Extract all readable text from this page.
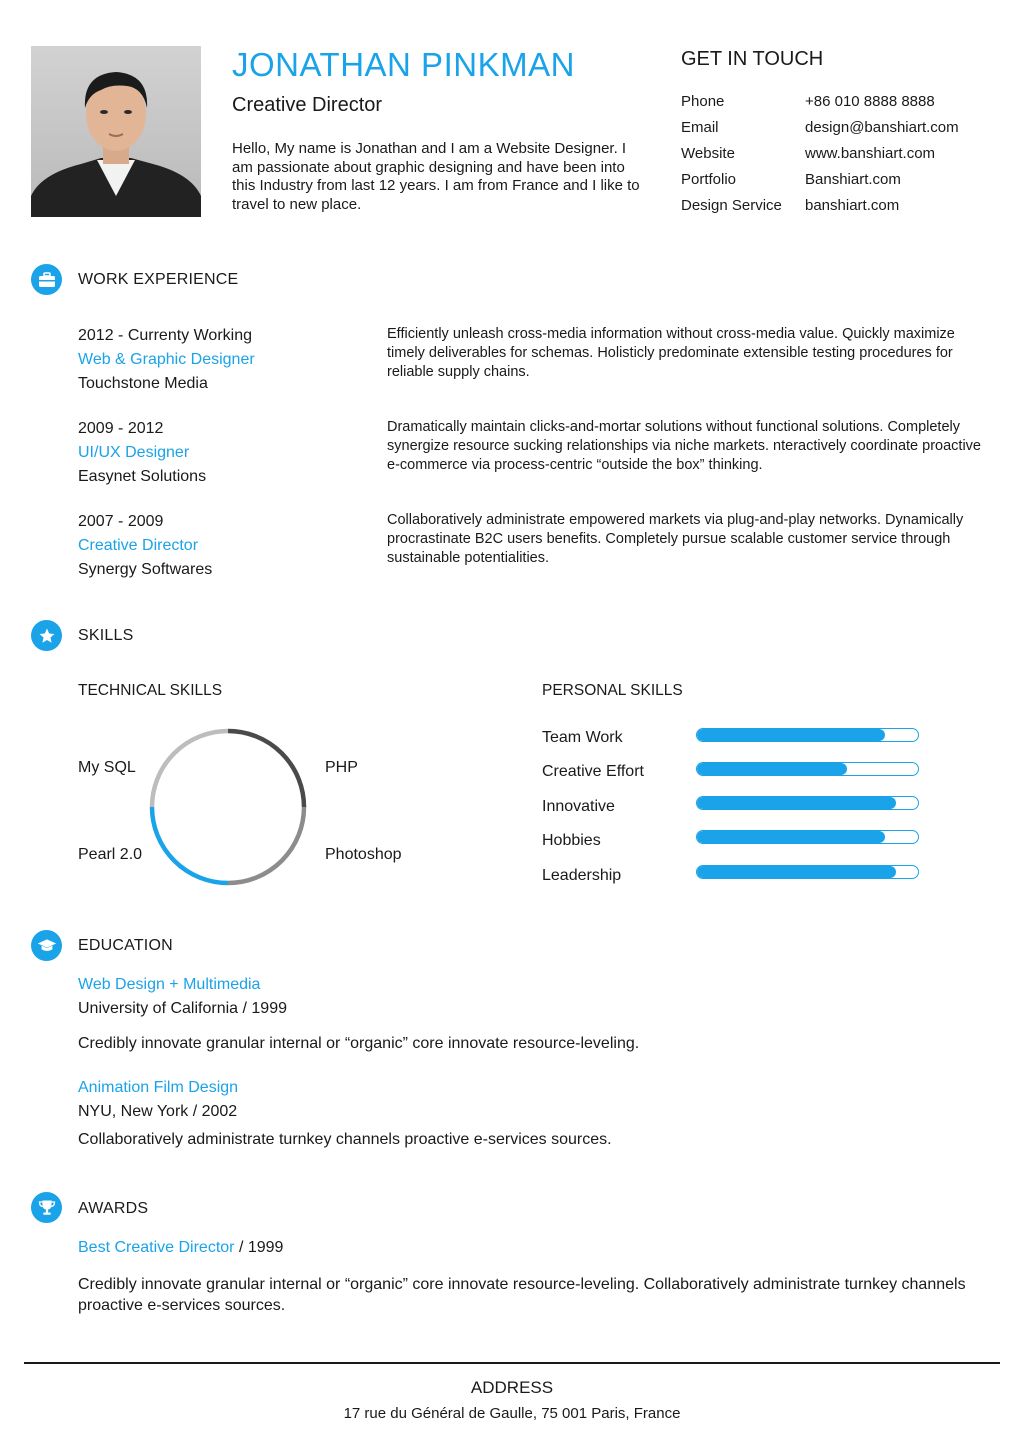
JONATHAN PINKMAN
Creative Director
Hello, My name is Jonathan and I am a Website Designer. I am passionate about graphic designing and have been into this Industry from last 12 years. I am from France and I like to travel to new place.
GET IN TOUCH
Phone	+86 010 8888 8888
Email	design@banshiart.com
Website	www.banshiart.com
Portfolio	Banshiart.com
Design Service	banshiart.com
WORK EXPERIENCE
2012 - Currenty Working
Web & Graphic Designer
Touchstone Media
Efficiently unleash cross-media information without cross-media value. Quickly maximize timely deliverables for schemas. Holisticly predominate extensible testing procedures for reliable supply chains.
2009 - 2012
UI/UX Designer
Easynet Solutions
Dramatically maintain clicks-and-mortar solutions without functional solutions. Completely synergize resource sucking relationships via niche markets. nteractively coordinate proactive e-commerce via process-centric “outside the box” thinking.
2007 - 2009
Creative Director
Synergy Softwares
Collaboratively administrate empowered markets via plug-and-play networks. Dynamically procrastinate B2C users benefits. Completely pursue scalable customer service through sustainable potentialities.
SKILLS
TECHNICAL SKILLS	PERSONAL SKILLS
My SQL	PHP
Photoshop
Pearl 2.0
Team Work
Creative Effort
Innovative
Hobbies
Leadership
EDUCATION
Web Design + Multimedia
University of California / 1999
Credibly innovate granular internal or “organic” core innovate resource-leveling.
Animation Film Design
NYU, New York / 2002
Collaboratively administrate turnkey channels proactive e-services sources.
AWARDS
Best Creative Director / 1999
Credibly innovate granular internal or “organic” core innovate resource-leveling. Collaboratively administrate turnkey channels proactive e-services sources.
ADDRESS
17 rue du Général de Gaulle, 75 001 Paris, France
